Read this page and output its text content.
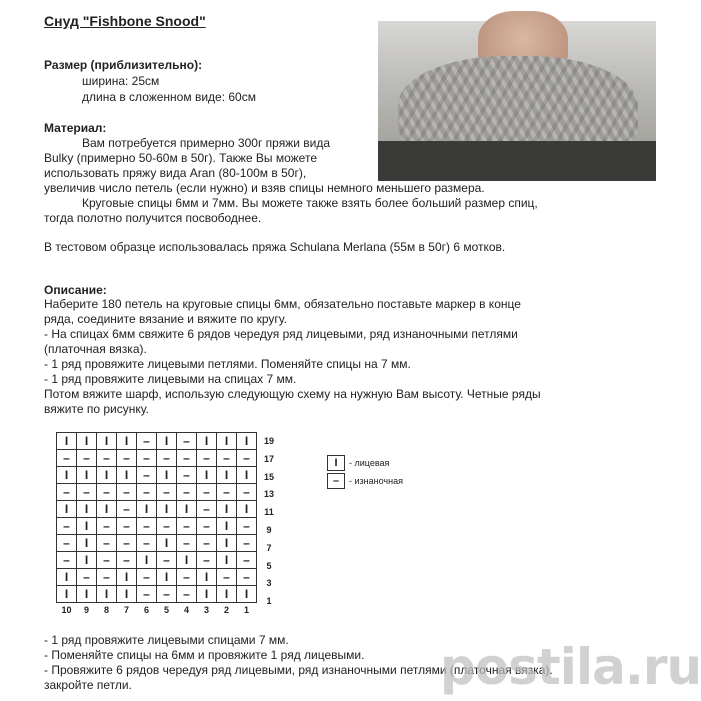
Снуд "Fishbone Snood"
Размер (приблизительно):
ширина: 25см
длина в сложенном виде: 60см
Материал:
Вам потребуется примерно 300г пряжи вида
Bulky (примерно 50-60м в 50г). Также Вы можете
использовать пряжу вида Aran (80-100м в 50г),
увеличив число петель (если нужно) и взяв спицы немного меньшего размера.
Круговые спицы 6мм и 7мм. Вы можете также взять более больший размер спиц,
тогда полотно получится посвободнее.
В тестовом образце использовалась пряжа Schulana Merlana (55м в 50г) 6 мотков.
Описание:
Наберите 180 петель на круговые спицы 6мм, обязательно поставьте маркер в конце
ряда, соедините вязание и вяжите по кругу.
- На спицах 6мм свяжите 6 рядов чередуя ряд лицевыми, ряд изнаночными петлями
(платочная вязка).
- 1 ряд провяжите лицевыми петлями. Поменяйте спицы на 7 мм.
- 1 ряд провяжите лицевыми на спицах 7 мм.
Потом вяжите шарф, использую следующую схему на нужную Вам высоту. Четные ряды
вяжите по рисунку.
I	I	I	I	–	I	–	I	I	I
–	–	–	–	–	–	–	–	–	–
I	I	I	I	–	I	–	I	I	I
–	–	–	–	–	–	–	–	–	–
I	I	I	–	I	I	I	–	I	I
–	I	–	–	–	–	–	–	I	–
–	I	–	–	–	I	–	–	I	–
–	I	–	–	I	–	I	–	I	–
I	–	–	I	–	I	–	I	–	–
I	I	I	I	–	–	–	I	I	I
10	9	8	7	6	5	4	3	2	1
19
17
15
13
11
9
7
5
3
1
I	- лицевая
–	- изнаночная
- 1 ряд провяжите лицевыми спицами 7 мм.
- Поменяйте спицы на 6мм и провяжите 1 ряд лицевыми.
- Провяжите 6 рядов чередуя ряд лицевыми, ряд изнаночными петлями (платочная вязка).
закройте петли.	postila.ru
